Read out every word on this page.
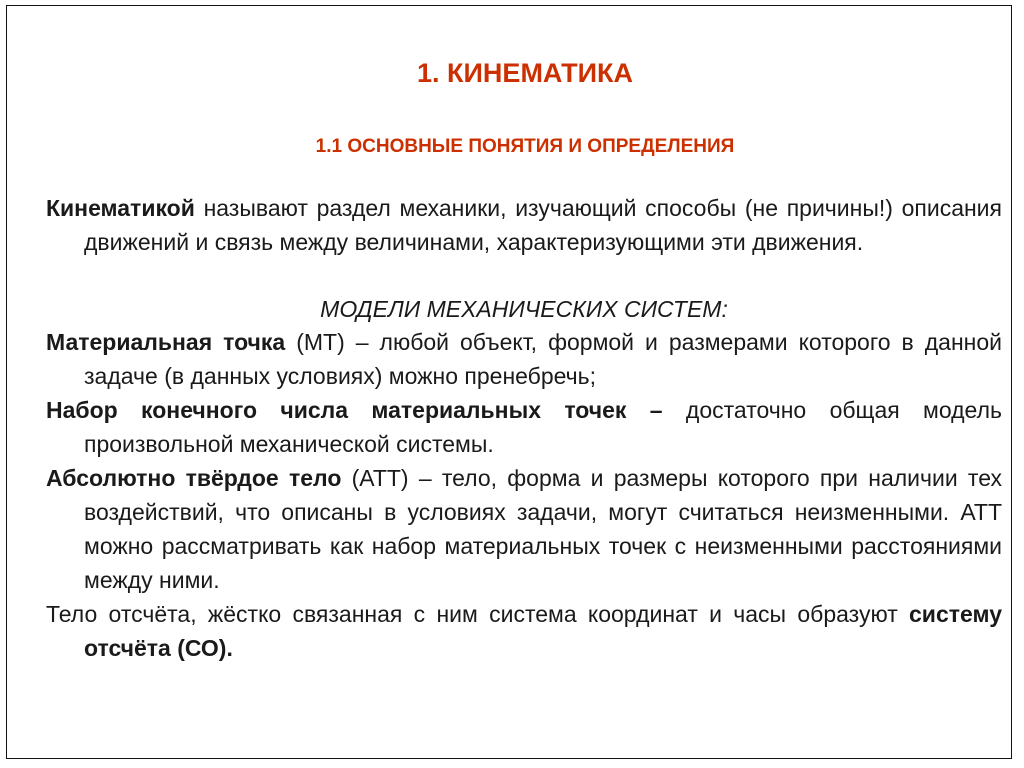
1. КИНЕМАТИКА
1.1 ОСНОВНЫЕ ПОНЯТИЯ И ОПРЕДЕЛЕНИЯ

Кинематикой называют раздел механики, изучающий способы (не причины!) описания движений и связь между величинами, характеризующими эти движения.

МОДЕЛИ МЕХАНИЧЕСКИХ СИСТЕМ:

Материальная точка (МТ) – любой объект, формой и размерами которого в данной задаче (в данных условиях) можно пренебречь;

Набор конечного числа материальных точек – достаточно общая модель произвольной механической системы.

Абсолютно твёрдое тело (АТТ) – тело, форма и размеры которого при наличии тех воздействий, что описаны в условиях задачи, могут считаться неизменными. АТТ можно рассматривать как набор материальных точек с неизменными расстояниями между ними.

Тело отсчёта, жёстко связанная с ним система координат и часы образуют систему отсчёта (СО).
